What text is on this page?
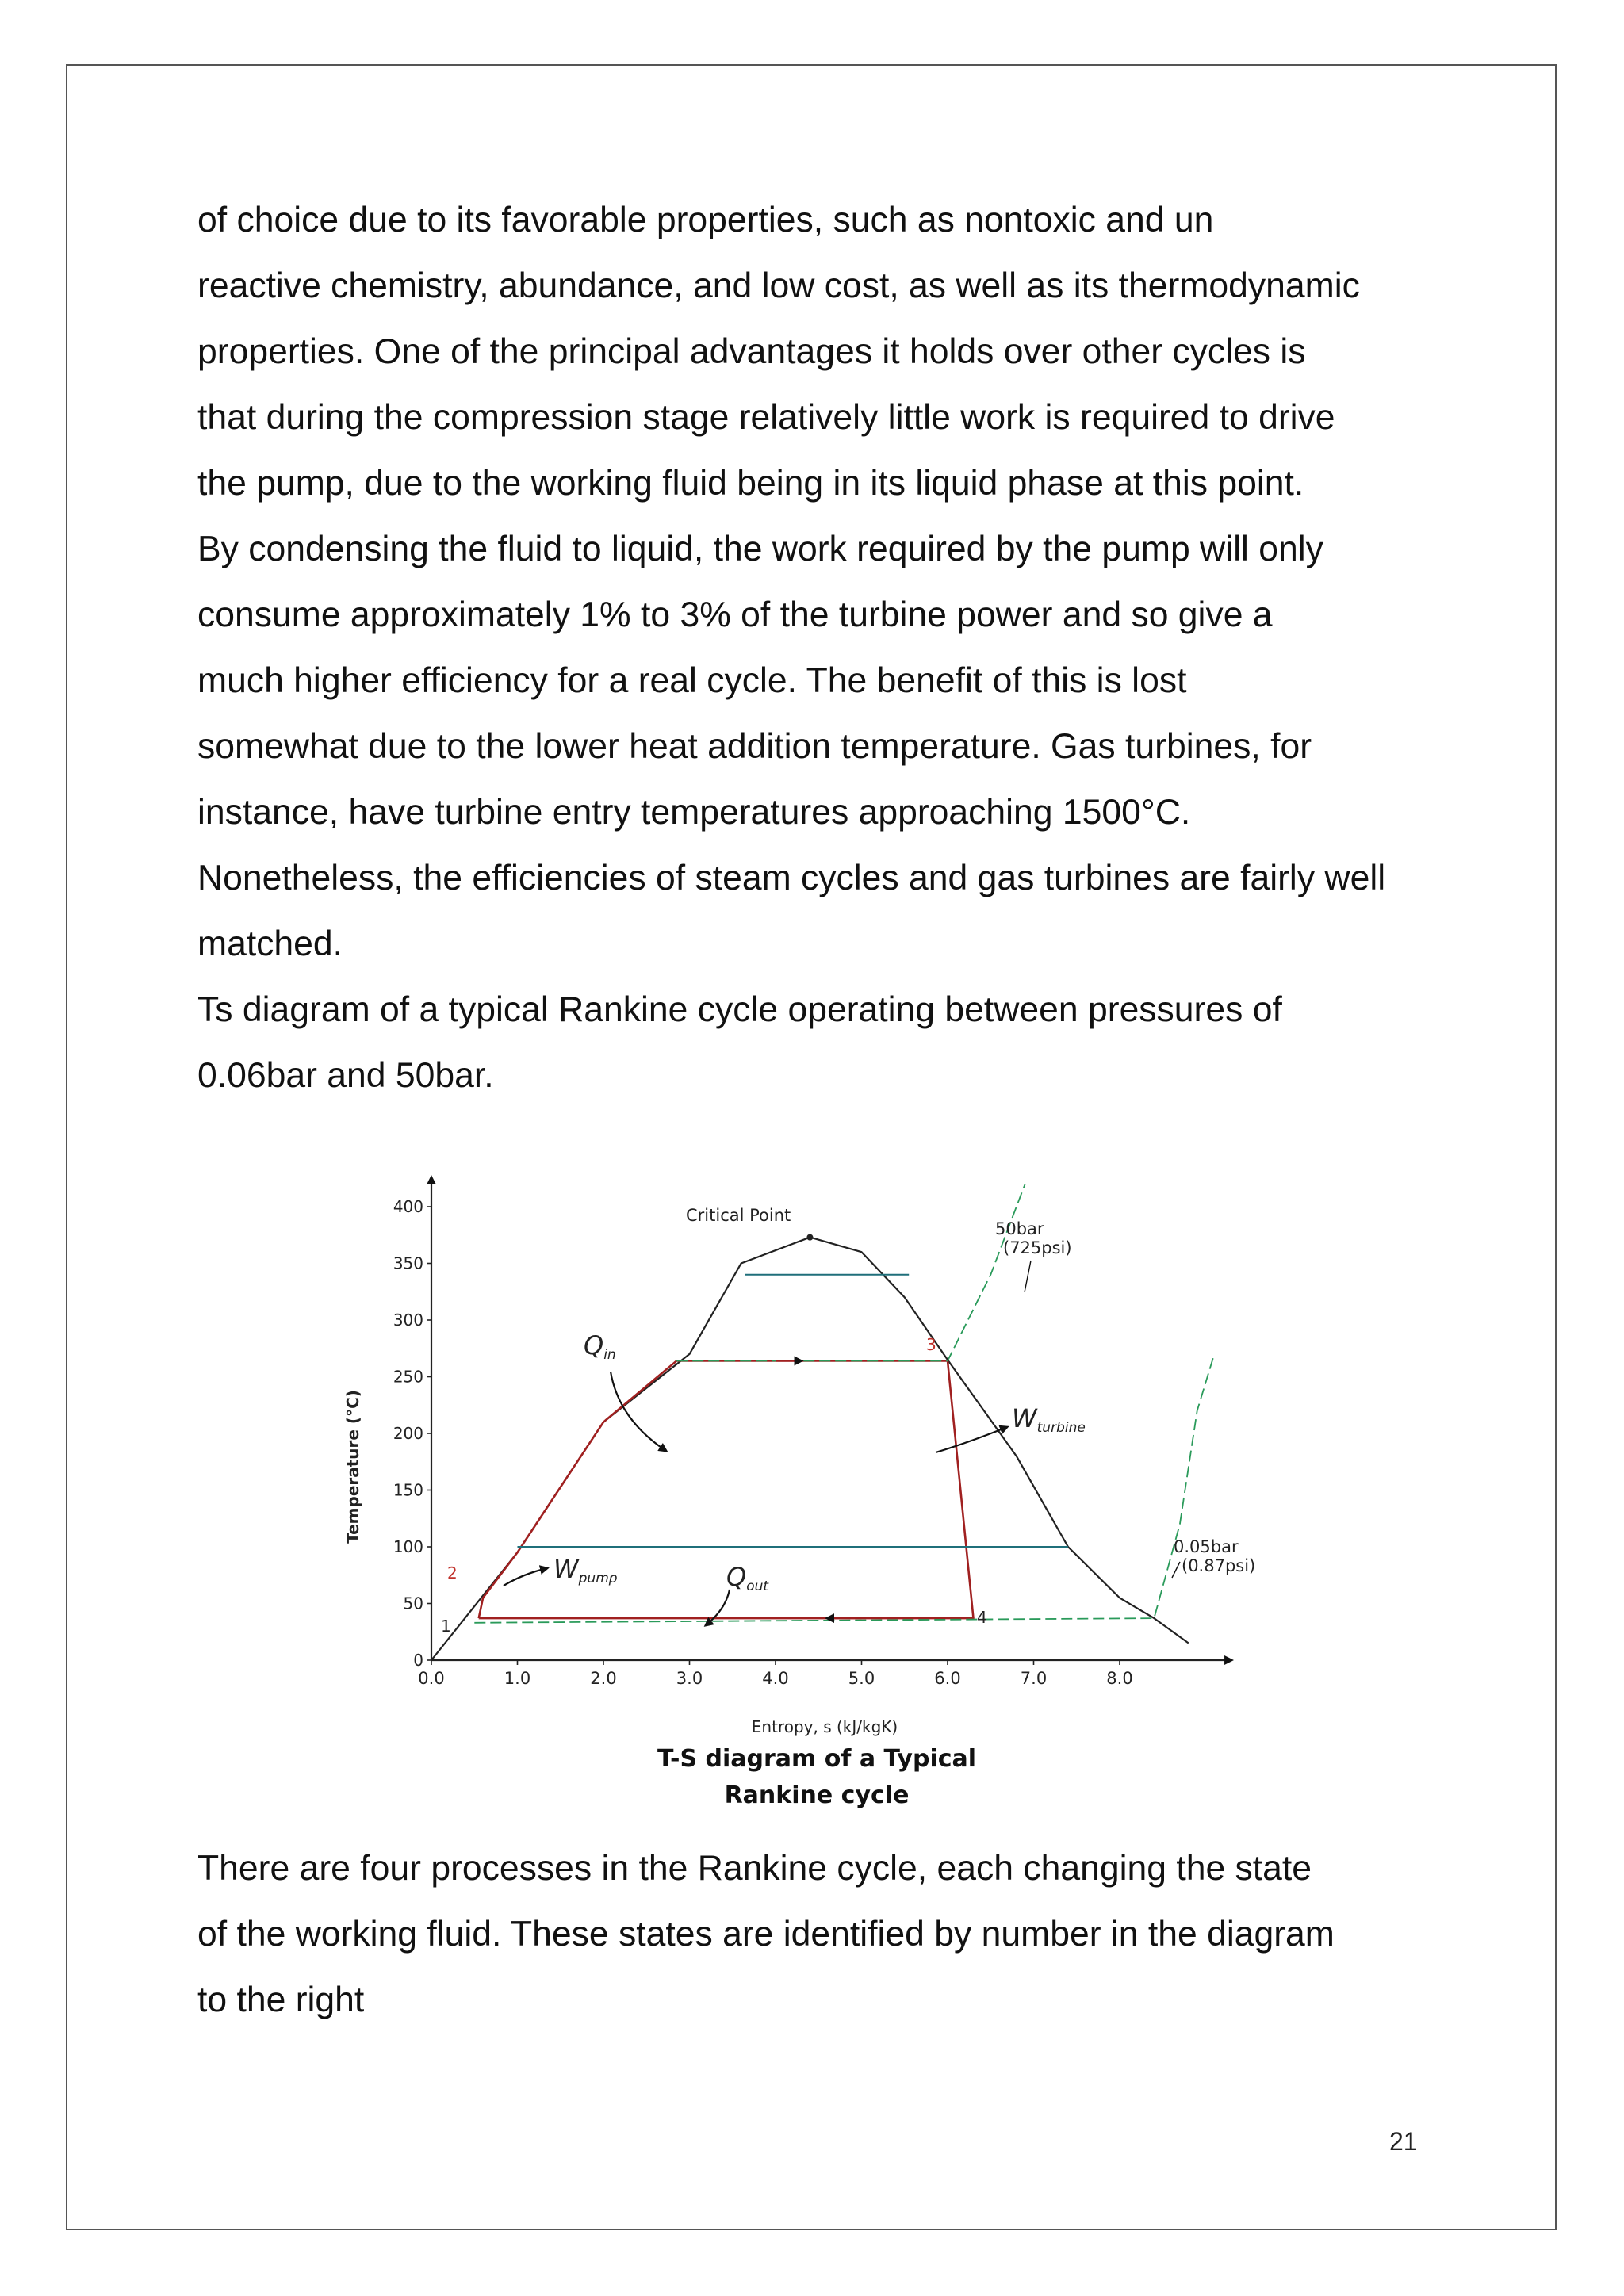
of choice due to its favorable properties, such as nontoxic and un
reactive chemistry, abundance, and low cost, as well as its thermodynamic
properties. One of the principal advantages it holds over other cycles is
that during the compression stage relatively little work is required to drive
the pump, due to the working fluid being in its liquid phase at this point.
By condensing the fluid to liquid, the work required by the pump will only
consume approximately 1% to 3% of the turbine power and so give a
much higher efficiency for a real cycle. The benefit of this is lost
somewhat due to the lower heat addition temperature. Gas turbines, for
instance, have turbine entry temperatures approaching 1500°C.
Nonetheless, the efficiencies of steam cycles and gas turbines are fairly well
matched.
Ts diagram of a typical Rankine cycle operating between pressures of
0.06bar and 50bar.
0
50
100
150
200
250
300
350
400
0.0	1.0	2.0	3.0	4.0	5.0	6.0	7.0	8.0
Temperature (°C)
Entropy, s (kJ/kgK)
Critical Point
50bar
(725psi)
0.05bar
(0.87psi)
Qin
Qout
Wpump
Wturbine
1
2
3
4
T-S diagram of a Typical
Rankine cycle
There are four processes in the Rankine cycle, each changing the state
of the working fluid. These states are identified by number in the diagram
to the right
21
